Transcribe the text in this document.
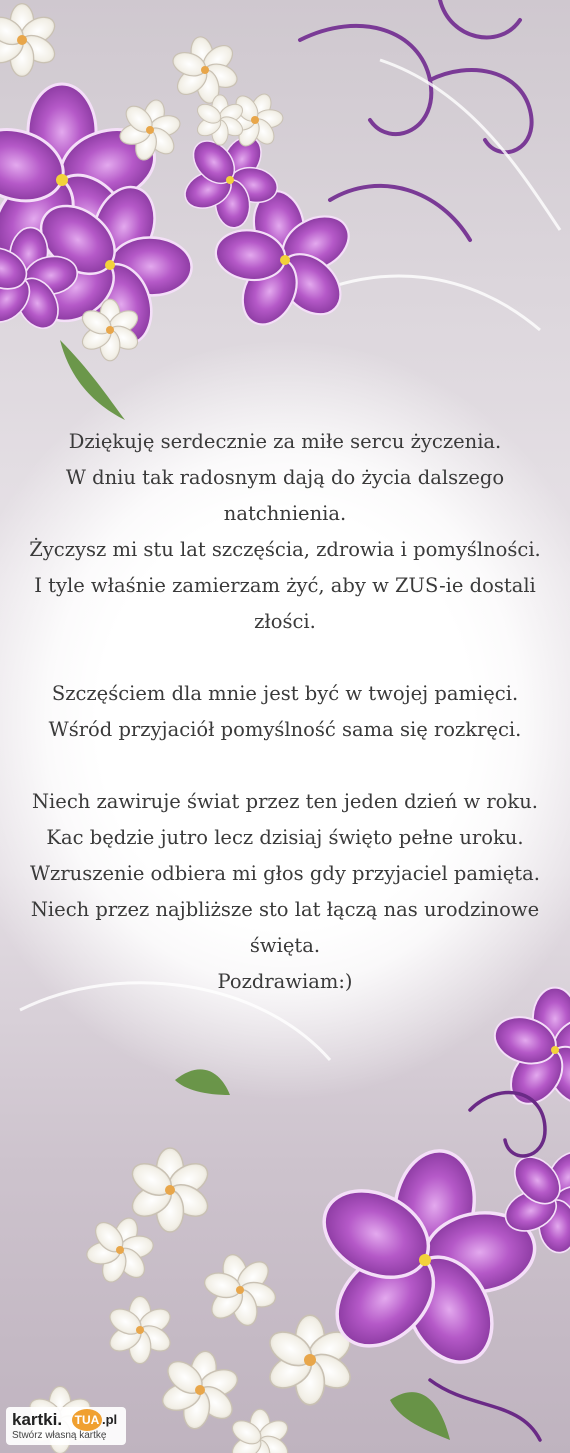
Dziękuję serdecznie za miłe sercu życzenia.
W dniu tak radosnym dają do życia dalszego
natchnienia.
Życzysz mi stu lat szczęścia, zdrowia i pomyślności.
I tyle właśnie zamierzam żyć, aby w ZUS-ie dostali
złości.
Szczęściem dla mnie jest być w twojej pamięci.
Wśród przyjaciół pomyślność sama się rozkręci.
Niech zawiruje świat przez ten jeden dzień w roku.
Kac będzie jutro lecz dzisiaj święto pełne uroku.
Wzruszenie odbiera mi głos gdy przyjaciel pamięta.
Niech przez najbliższe sto lat łączą nas urodzinowe
święta.
Pozdrawiam:)
kartki. TUA .pl
Stwórz własną kartkę
